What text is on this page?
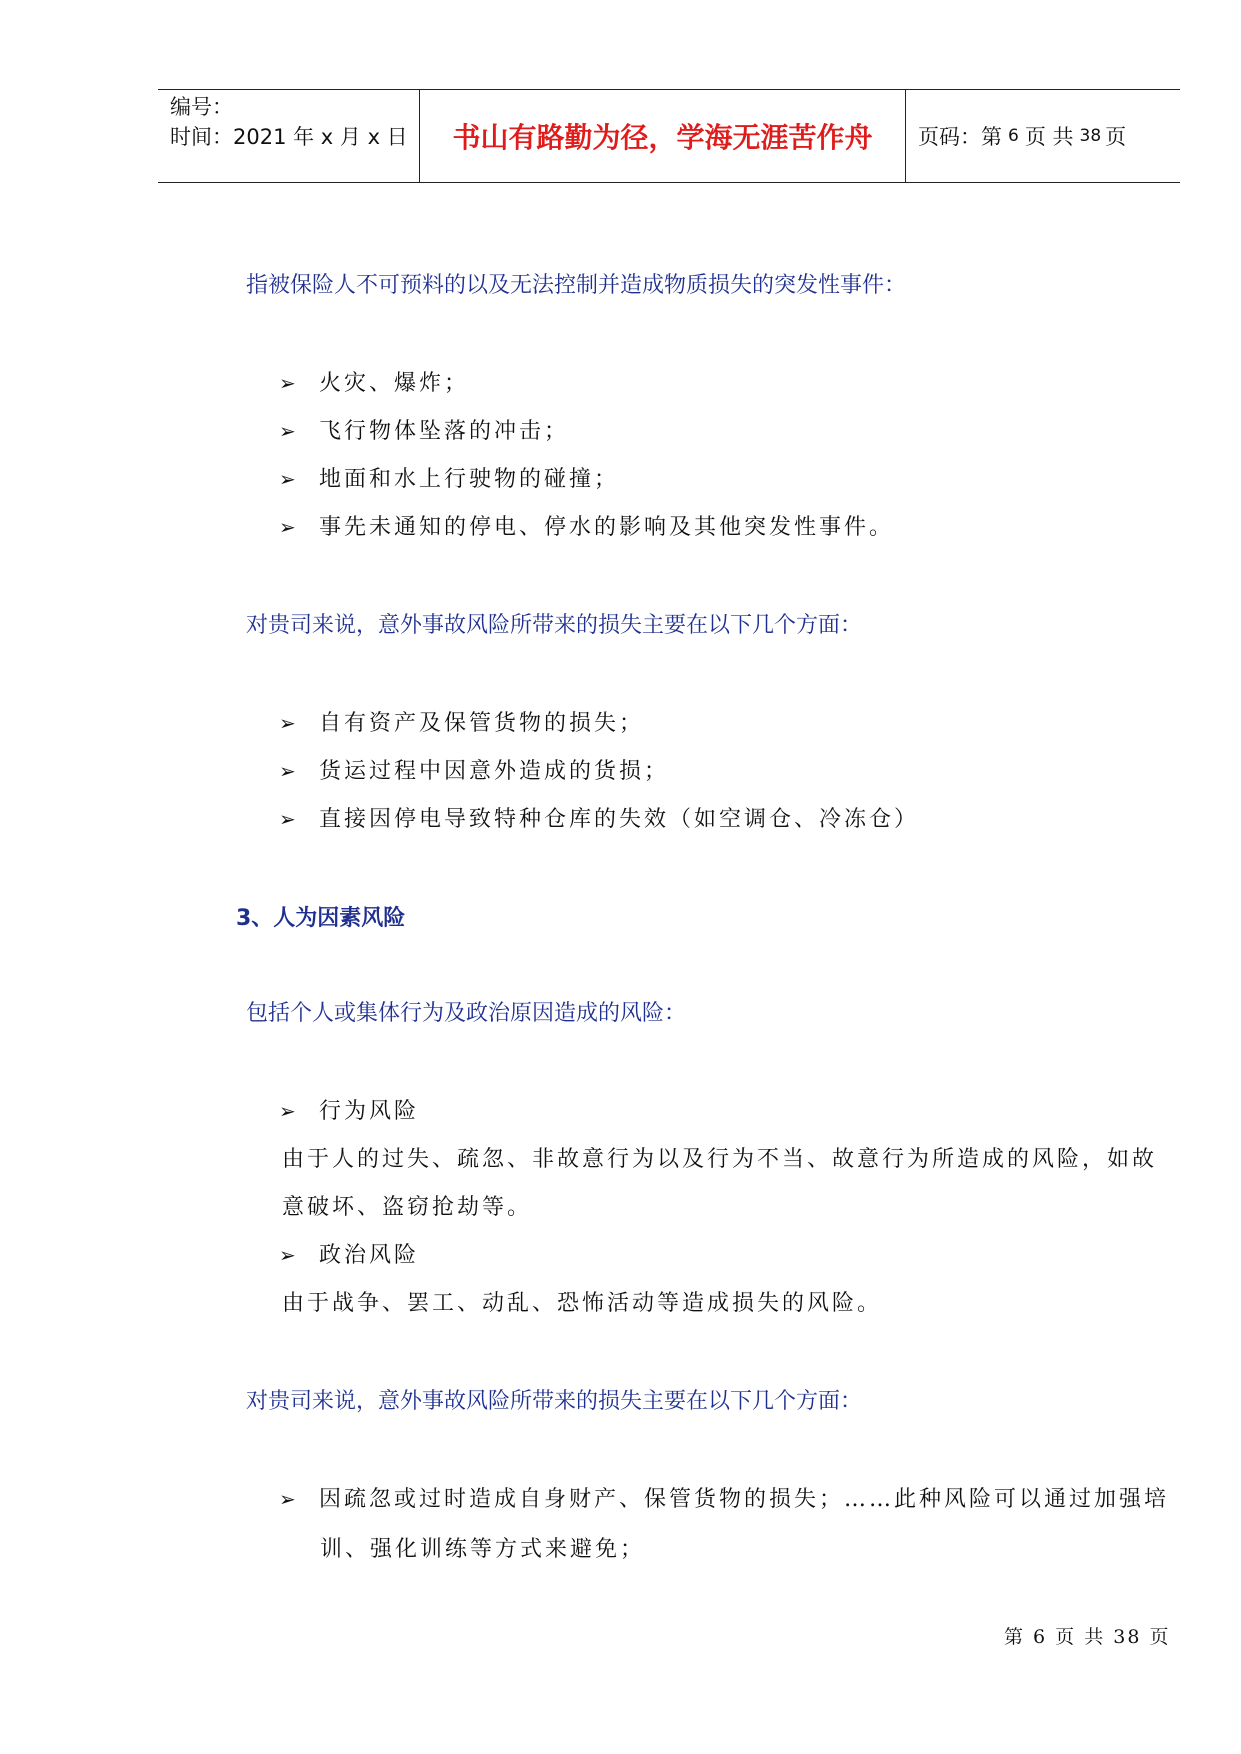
编号：
时间：2021 年 x 月 x 日	书山有路勤为径，学海无涯苦作舟	页码：第 6 页 共 38 页
指被保险人不可预料的以及无法控制并造成物质损失的突发性事件：
➢ 火灾、爆炸；
➢ 飞行物体坠落的冲击；
➢ 地面和水上行驶物的碰撞；
➢ 事先未通知的停电、停水的影响及其他突发性事件。
对贵司来说，意外事故风险所带来的损失主要在以下几个方面：
➢ 自有资产及保管货物的损失；
➢ 货运过程中因意外造成的货损；
➢ 直接因停电导致特种仓库的失效（如空调仓、冷冻仓）
3、人为因素风险
包括个人或集体行为及政治原因造成的风险：
➢ 行为风险
由于人的过失、疏忽、非故意行为以及行为不当、故意行为所造成的风险，如故
意破坏、盗窃抢劫等。
➢ 政治风险
由于战争、罢工、动乱、恐怖活动等造成损失的风险。
对贵司来说，意外事故风险所带来的损失主要在以下几个方面：
➢ 因疏忽或过时造成自身财产、保管货物的损失；……此种风险可以通过加强培
训、强化训练等方式来避免；
第 6 页 共 38 页
